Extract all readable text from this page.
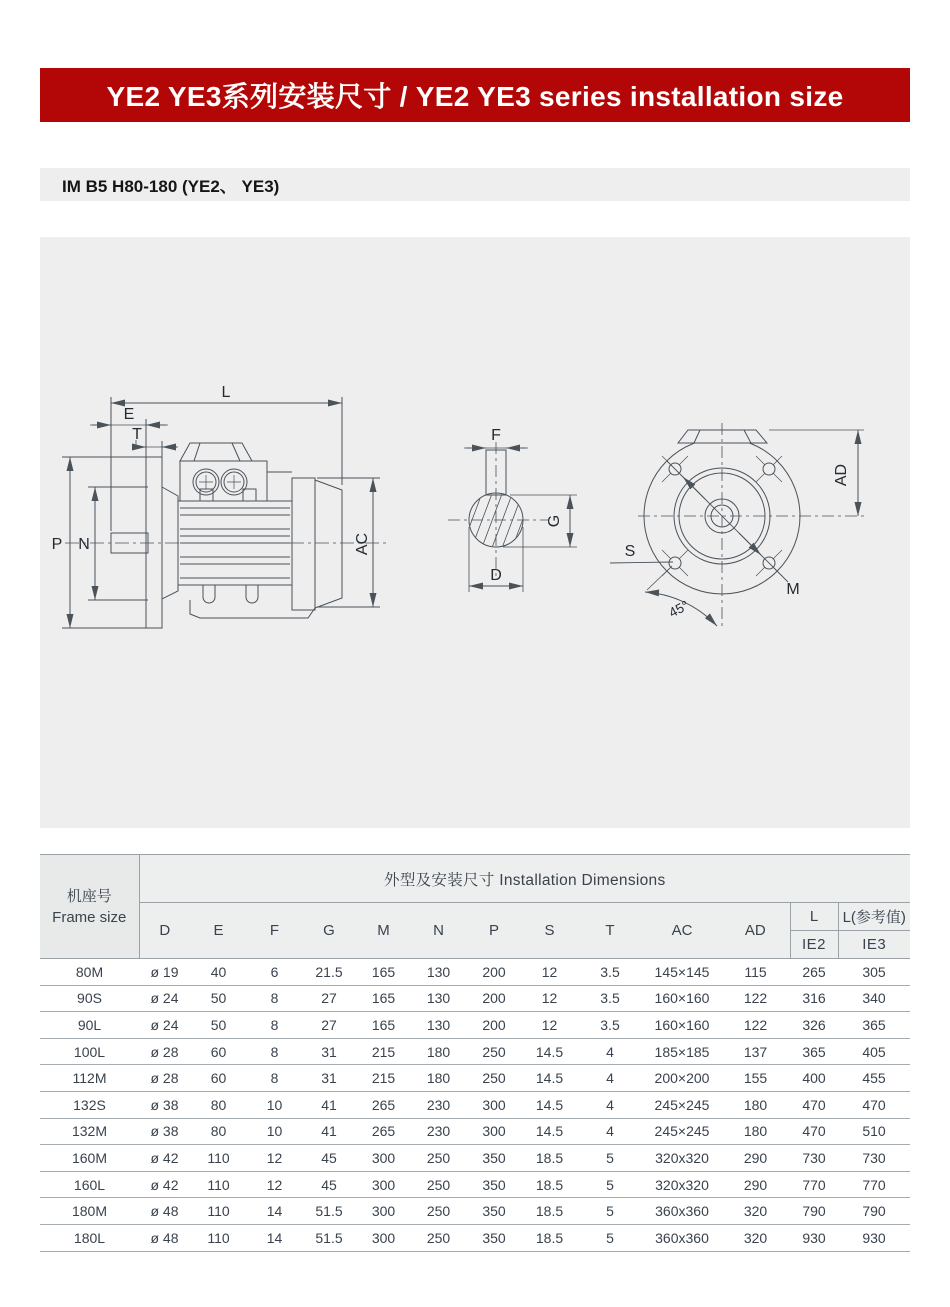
YE2 YE3系列安装尺寸 / YE2 YE3 series installation size
IM B5 H80-180 (YE2、 YE3)
L
E
T
P N	AC
F
G
D
AD
S
M
45°
机座号
Frame size	外型及安装尺寸 Installation Dimensions												
	D	E	F	G	M	N	P	S	T	AC	AD	L	L(参考值)
												IE2	IE3
80M	ø 19	40	6	21.5	165	130	200	12	3.5	145×145	115	265	305
90S	ø 24	50	8	27	165	130	200	12	3.5	160×160	122	316	340
90L	ø 24	50	8	27	165	130	200	12	3.5	160×160	122	326	365
100L	ø 28	60	8	31	215	180	250	14.5	4	185×185	137	365	405
112M	ø 28	60	8	31	215	180	250	14.5	4	200×200	155	400	455
132S	ø 38	80	10	41	265	230	300	14.5	4	245×245	180	470	470
132M	ø 38	80	10	41	265	230	300	14.5	4	245×245	180	470	510
160M	ø 42	110	12	45	300	250	350	18.5	5	320x320	290	730	730
160L	ø 42	110	12	45	300	250	350	18.5	5	320x320	290	770	770
180M	ø 48	110	14	51.5	300	250	350	18.5	5	360x360	320	790	790
180L	ø 48	110	14	51.5	300	250	350	18.5	5	360x360	320	930	930
